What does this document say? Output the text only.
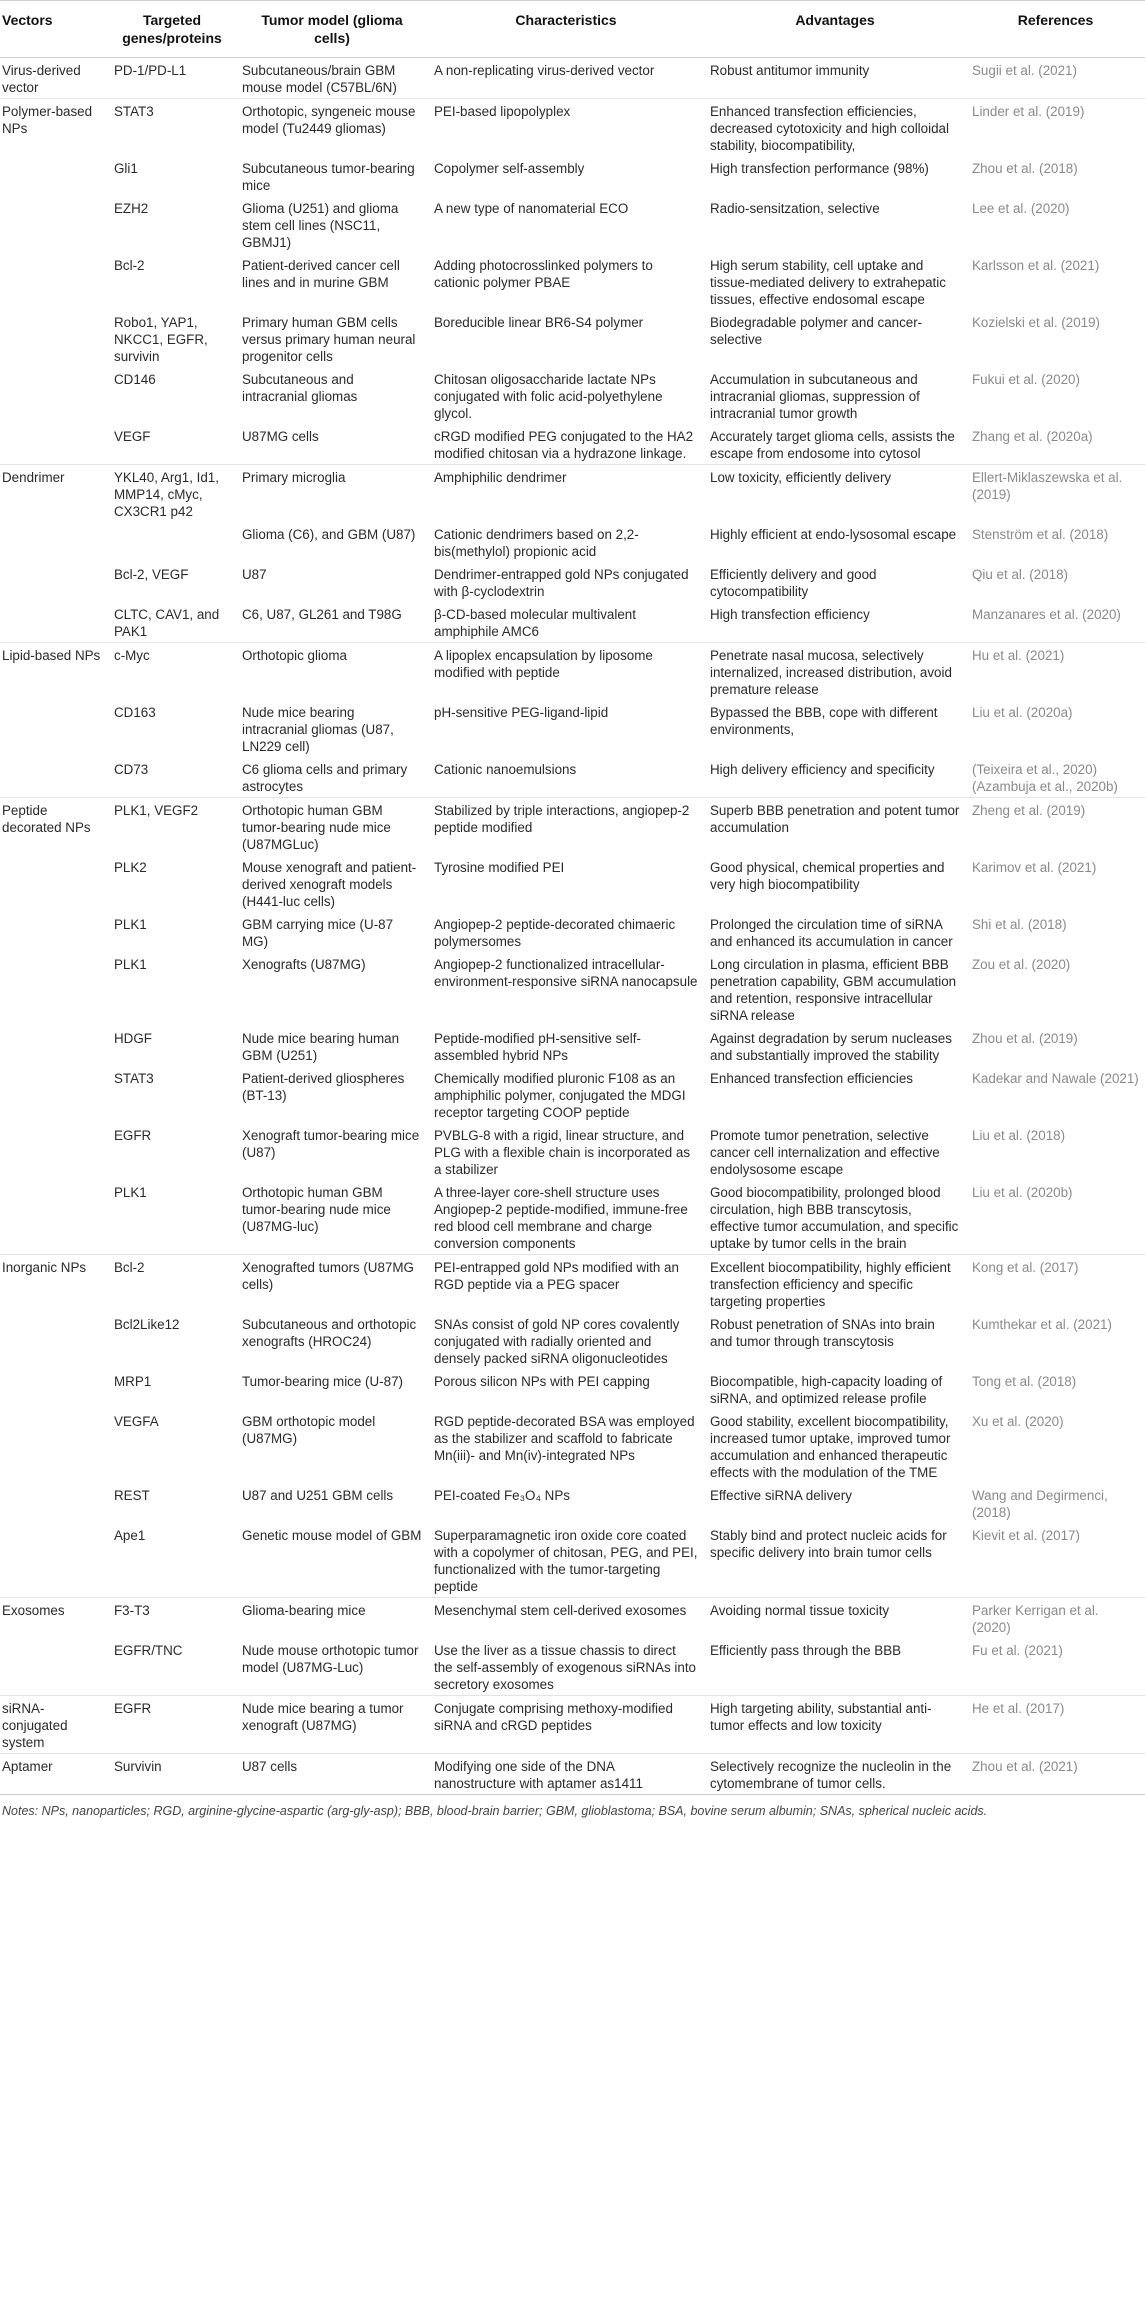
Vectors	Targeted genes/proteins	Tumor model (glioma cells)	Characteristics	Advantages	References
Virus-derived vector	PD-1/PD-L1	Subcutaneous/brain GBM mouse model (C57BL/6N)	A non-replicating virus-derived vector	Robust antitumor immunity	Sugii et al. (2021)
Polymer-based NPs	STAT3	Orthotopic, syngeneic mouse model (Tu2449 gliomas)	PEI-based lipopolyplex	Enhanced transfection efficiencies, decreased cytotoxicity and high colloidal stability, biocompatibility,	Linder et al. (2019)
	Gli1	Subcutaneous tumor-bearing mice	Copolymer self-assembly	High transfection performance (98%)	Zhou et al. (2018)
	EZH2	Glioma (U251) and glioma stem cell lines (NSC11, GBMJ1)	A new type of nanomaterial ECO	Radio-sensitzation, selective	Lee et al. (2020)
	Bcl-2	Patient-derived cancer cell lines and in murine GBM	Adding photocrosslinked polymers to cationic polymer PBAE	High serum stability, cell uptake and tissue-mediated delivery to extrahepatic tissues, effective endosomal escape	Karlsson et al. (2021)
	Robo1, YAP1, NKCC1, EGFR, survivin	Primary human GBM cells versus primary human neural progenitor cells	Boreducible linear BR6-S4 polymer	Biodegradable polymer and cancer-selective	Kozielski et al. (2019)
	CD146	Subcutaneous and intracranial gliomas	Chitosan oligosaccharide lactate NPs conjugated with folic acid-polyethylene glycol.	Accumulation in subcutaneous and intracranial gliomas, suppression of intracranial tumor growth	Fukui et al. (2020)
	VEGF	U87MG cells	cRGD modified PEG conjugated to the HA2 modified chitosan via a hydrazone linkage.	Accurately target glioma cells, assists the escape from endosome into cytosol	Zhang et al. (2020a)
Dendrimer	YKL40, Arg1, Id1, MMP14, cMyc, CX3CR1 p42	Primary microglia	Amphiphilic dendrimer	Low toxicity, efficiently delivery	Ellert-Miklaszewska et al. (2019)
		Glioma (C6), and GBM (U87)	Cationic dendrimers based on 2,2-bis(methylol) propionic acid	Highly efficient at endo-lysosomal escape	Stenström et al. (2018)
	Bcl-2, VEGF	U87	Dendrimer-entrapped gold NPs conjugated with β-cyclodextrin	Efficiently delivery and good cytocompatibility	Qiu et al. (2018)
	CLTC, CAV1, and PAK1	C6, U87, GL261 and T98G	β-CD-based molecular multivalent amphiphile AMC6	High transfection efficiency	Manzanares et al. (2020)
Lipid-based NPs	c-Myc	Orthotopic glioma	A lipoplex encapsulation by liposome modified with peptide	Penetrate nasal mucosa, selectively internalized, increased distribution, avoid premature release	Hu et al. (2021)
	CD163	Nude mice bearing intracranial gliomas (U87, LN229 cell)	pH-sensitive PEG-ligand-lipid	Bypassed the BBB, cope with different environments,	Liu et al. (2020a)
	CD73	C6 glioma cells and primary astrocytes	Cationic nanoemulsions	High delivery efficiency and specificity	(Teixeira et al., 2020) (Azambuja et al., 2020b)
Peptide decorated NPs	PLK1, VEGF2	Orthotopic human GBM tumor-bearing nude mice (U87MGLuc)	Stabilized by triple interactions, angiopep-2 peptide modified	Superb BBB penetration and potent tumor accumulation	Zheng et al. (2019)
	PLK2	Mouse xenograft and patient-derived xenograft models (H441-luc cells)	Tyrosine modified PEI	Good physical, chemical properties and very high biocompatibility	Karimov et al. (2021)
	PLK1	GBM carrying mice (U-87 MG)	Angiopep-2 peptide-decorated chimaeric polymersomes	Prolonged the circulation time of siRNA and enhanced its accumulation in cancer	Shi et al. (2018)
	PLK1	Xenografts (U87MG)	Angiopep-2 functionalized intracellular-environment-responsive siRNA nanocapsule	Long circulation in plasma, efficient BBB penetration capability, GBM accumulation and retention, responsive intracellular siRNA release	Zou et al. (2020)
	HDGF	Nude mice bearing human GBM (U251)	Peptide-modified pH-sensitive self-assembled hybrid NPs	Against degradation by serum nucleases and substantially improved the stability	Zhou et al. (2019)
	STAT3	Patient-derived gliospheres (BT-13)	Chemically modified pluronic F108 as an amphiphilic polymer, conjugated the MDGI receptor targeting COOP peptide	Enhanced transfection efficiencies	Kadekar and Nawale (2021)
	EGFR	Xenograft tumor-bearing mice (U87)	PVBLG-8 with a rigid, linear structure, and PLG with a flexible chain is incorporated as a stabilizer	Promote tumor penetration, selective cancer cell internalization and effective endolysosome escape	Liu et al. (2018)
	PLK1	Orthotopic human GBM tumor-bearing nude mice (U87MG-luc)	A three-layer core-shell structure uses Angiopep-2 peptide-modified, immune-free red blood cell membrane and charge conversion components	Good biocompatibility, prolonged blood circulation, high BBB transcytosis, effective tumor accumulation, and specific uptake by tumor cells in the brain	Liu et al. (2020b)
Inorganic NPs	Bcl-2	Xenografted tumors (U87MG cells)	PEI-entrapped gold NPs modified with an RGD peptide via a PEG spacer	Excellent biocompatibility, highly efficient transfection efficiency and specific targeting properties	Kong et al. (2017)
	Bcl2Like12	Subcutaneous and orthotopic xenografts (HROC24)	SNAs consist of gold NP cores covalently conjugated with radially oriented and densely packed siRNA oligonucleotides	Robust penetration of SNAs into brain and tumor through transcytosis	Kumthekar et al. (2021)
	MRP1	Tumor-bearing mice (U-87)	Porous silicon NPs with PEI capping	Biocompatible, high-capacity loading of siRNA, and optimized release profile	Tong et al. (2018)
	VEGFA	GBM orthotopic model (U87MG)	RGD peptide-decorated BSA was employed as the stabilizer and scaffold to fabricate Mn(iii)- and Mn(iv)-integrated NPs	Good stability, excellent biocompatibility, increased tumor uptake, improved tumor accumulation and enhanced therapeutic effects with the modulation of the TME	Xu et al. (2020)
	REST	U87 and U251 GBM cells	PEI-coated Fe₃O₄ NPs	Effective siRNA delivery	Wang and Degirmenci, (2018)
	Ape1	Genetic mouse model of GBM	Superparamagnetic iron oxide core coated with a copolymer of chitosan, PEG, and PEI, functionalized with the tumor-targeting peptide	Stably bind and protect nucleic acids for specific delivery into brain tumor cells	Kievit et al. (2017)
Exosomes	F3-T3	Glioma-bearing mice	Mesenchymal stem cell-derived exosomes	Avoiding normal tissue toxicity	Parker Kerrigan et al. (2020)
	EGFR/TNC	Nude mouse orthotopic tumor model (U87MG-Luc)	Use the liver as a tissue chassis to direct the self-assembly of exogenous siRNAs into secretory exosomes	Efficiently pass through the BBB	Fu et al. (2021)
siRNA-conjugated system	EGFR	Nude mice bearing a tumor xenograft (U87MG)	Conjugate comprising methoxy-modified siRNA and cRGD peptides	High targeting ability, substantial anti-tumor effects and low toxicity	He et al. (2017)
Aptamer	Survivin	U87 cells	Modifying one side of the DNA nanostructure with aptamer as1411	Selectively recognize the nucleolin in the cytomembrane of tumor cells.	Zhou et al. (2021)
Notes: NPs, nanoparticles; RGD, arginine-glycine-aspartic (arg-gly-asp); BBB, blood-brain barrier; GBM, glioblastoma; BSA, bovine serum albumin; SNAs, spherical nucleic acids.
